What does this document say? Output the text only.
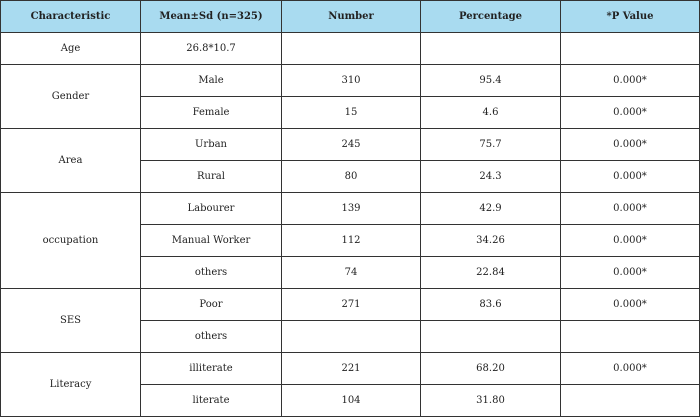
Characteristic	Mean±Sd (n=325)	Number	Percentage	*P Value
Age	26.8*10.7			
Gender	Male	310	95.4	0.000*
	Female	15	4.6	0.000*
Area	Urban	245	75.7	0.000*
	Rural	80	24.3	0.000*
occupation	Labourer	139	42.9	0.000*
	Manual Worker	112	34.26	0.000*
	others	74	22.84	0.000*
SES	Poor	271	83.6	0.000*
	others			
Literacy	illiterate	221	68.20	0.000*
	literate	104	31.80	
